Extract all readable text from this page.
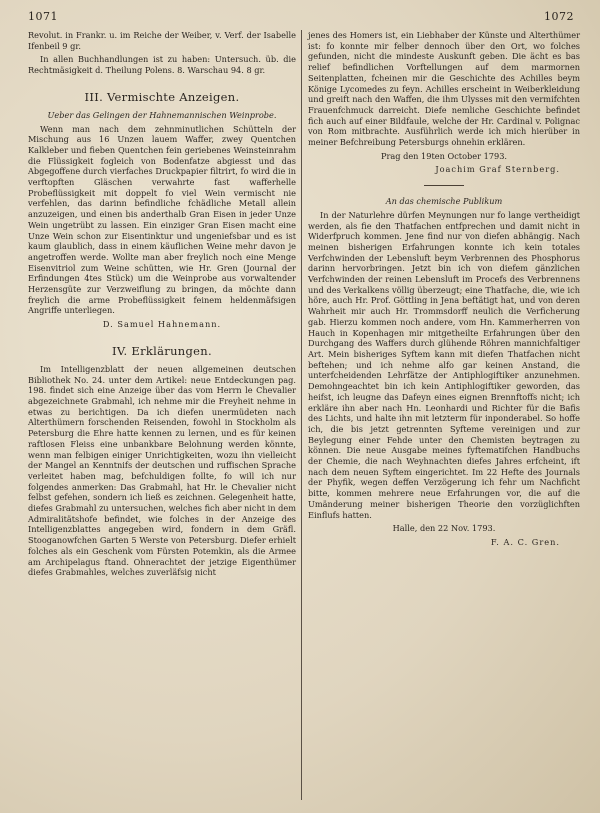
1071	1072

Revolut. in Frankr. u. im Reiche der Weiber, v. Verf. der Isabelle Ifenbeil 9 gr.

In allen Buchhandlungen ist zu haben: Untersuch. üb. die Rechtmäsigkeit d. Theilung Polens. 8. Warschau 94. 8 gr.

III. Vermischte Anzeigen.
Ueber das Gelingen der Hahnemannischen Weinprobe.

Wenn man nach dem zehnminutlichen Schütteln der Mischung aus 16 Unzen lauem Waffer, zwey Quentchen Kalkleber und fieben Quentchen fein geriebenes Weinsteinrahm die Flüssigkeit fogleich von Bodenfatze abgiesst und das Abgegoffene durch vierfaches Druckpapier filtrirt, fo wird die in verftopften Gläschen verwahrte fast wafferhelle Probeflüssigkeit mit doppelt fo viel Wein vermischt nie verfehlen, das darinn befindliche fchädliche Metall allein anzuzeigen, und einen bis anderthalb Gran Eisen in jeder Unze Wein ungetrübt zu lassen. Ein einziger Gran Eisen macht eine Unze Wein schon zur Eisentinktur und ungeniefsbar und es ist kaum glaublich, dass in einem käuflichen Weine mehr davon je angetroffen werde. Wollte man aber freylich noch eine Menge Eisenvitriol zum Weine schütten, wie Hr. Gren (Journal der Erfindungen 4tes Stück) um die Weinprobe aus vorwaltender Herzensgüte zur Verzweiflung zu bringen, da möchte dann freylich die arme Probeflüssigkeit feinem heldenmäfsigen Angriffe unterliegen.

D. Samuel Hahnemann.
IV. Erklärungen.

Im Intelligenzblatt der neuen allgemeinen deutschen Bibliothek No. 24. unter dem Artikel: neue Entdeckungen pag. 198. findet sich eine Anzeige über das vom Herrn le Chevalier abgezeichnete Grabmahl, ich nehme mir die Freyheit nehme in etwas zu berichtigen. Da ich diefen unermüdeten nach Alterthümern forschenden Reisenden, fowohl in Stockholm als Petersburg die Ehre hatte kennen zu lernen, und es für keinen raftlosen Fleiss eine unbankbare Belohnung werden könnte, wenn man felbigen einiger Unrichtigkeiten, wozu ihn vielleicht der Mangel an Kenntnifs der deutschen und ruffischen Sprache verleitet haben mag, befchuldigen follte, fo will ich nur folgendes anmerken: Das Grabmahl, hat Hr. le Chevalier nicht felbst gefehen, sondern ich ließ es zeichnen. Gelegenheit hatte, diefes Grabmahl zu untersuchen, welches fich aber nicht in dem Admiralitätshofe befindet, wie folches in der Anzeige des Intelligenzblattes angegeben wird, fondern in dem Gräfl. Stooganowfchen Garten 5 Werste von Petersburg. Diefer erhielt folches als ein Geschenk vom Fürsten Potemkin, als die Armee am Archipelagus ftand. Ohnerachtet der jetzige Eigenthümer diefes Grabmahles, welches zuverläfsig nicht

jenes des Homers ist, ein Liebhaber der Künste und Alterthümer ist: fo konnte mir felber dennoch über den Ort, wo folches gefunden, nicht die mindeste Auskunft geben. Die ächt es bas relief befindlichen Vorftellungen auf dem marmornen Seitenplatten, fcheinen mir die Geschichte des Achilles beym Könige Lycomedes zu feyn. Achilles erscheint in Weiberkleidung und greift nach den Waffen, die ihm Ulysses mit den vermifchten Frauenfchmuck darreicht. Diefe nemliche Geschichte befindet fich auch auf einer Bildfaule, welche der Hr. Cardinal v. Polignac von Rom mitbrachte. Ausführlich werde ich mich hierüber in meiner Befchreibung Petersburgs ohnehin erklären.

Prag den 19ten October 1793.
Joachim Graf Sternberg.
An das chemische Publikum

In der Naturlehre dürfen Meynungen nur fo lange vertheidigt werden, als fie den Thatfachen entfprechen und damit nicht in Widerfpruch kommen. Jene find nur von diefen abhängig. Nach meinen bisherigen Erfahrungen konnte ich kein totales Verfchwinden der Lebensluft beym Verbrennen des Phosphorus darinn hervorbringen. Jetzt bin ich von diefem gänzlichen Verfchwinden der reinen Lebensluft im Procefs des Verbrennens und des Verkalkens völlig überzeugt; eine Thatfache, die, wie ich höre, auch Hr. Prof. Göttling in Jena beftätigt hat, und von deren Wahrheit mir auch Hr. Trommsdorff neulich die Verficherung gab. Hierzu kommen noch andere, vom Hn. Kammerherren von Hauch in Kopenhagen mir mitgetheilte Erfahrungen über den Durchgang des Waffers durch glühende Röhren mannichfaltiger Art. Mein bisheriges Syftem kann mit diefen Thatfachen nicht beftehen; und ich nehme alfo gar keinen Anstand, die unterfcheidenden Lehrfätze der Antiphlogiftiker anzunehmen. Demohngeachtet bin ich kein Antiphlogiftiker geworden, das heifst, ich leugne das Dafeyn eines eignen Brennftoffs nicht; ich erkläre ihn aber nach Hn. Leonhardi und Richter für die Bafis des Lichts, und halte ihn mit letzterm für inponderabel. So hoffe ich, die bis jetzt getrennten Syfteme vereinigen und zur Beylegung einer Fehde unter den Chemisten beytragen zu können. Die neue Ausgabe meines fyftematifchen Handbuchs der Chemie, die nach Weyhnachten diefes Jahres erfcheint, ift nach dem neuen Syftem eingerichtet. Im 22 Hefte des Journals der Phyfik, wegen deffen Verzögerung ich fehr um Nachficht bitte, kommen mehrere neue Erfahrungen vor, die auf die Umänderung meiner bisherigen Theorie den vorzüglichften Einflufs hatten.

Halle, den 22 Nov. 1793.
F. A. C. Gren.
